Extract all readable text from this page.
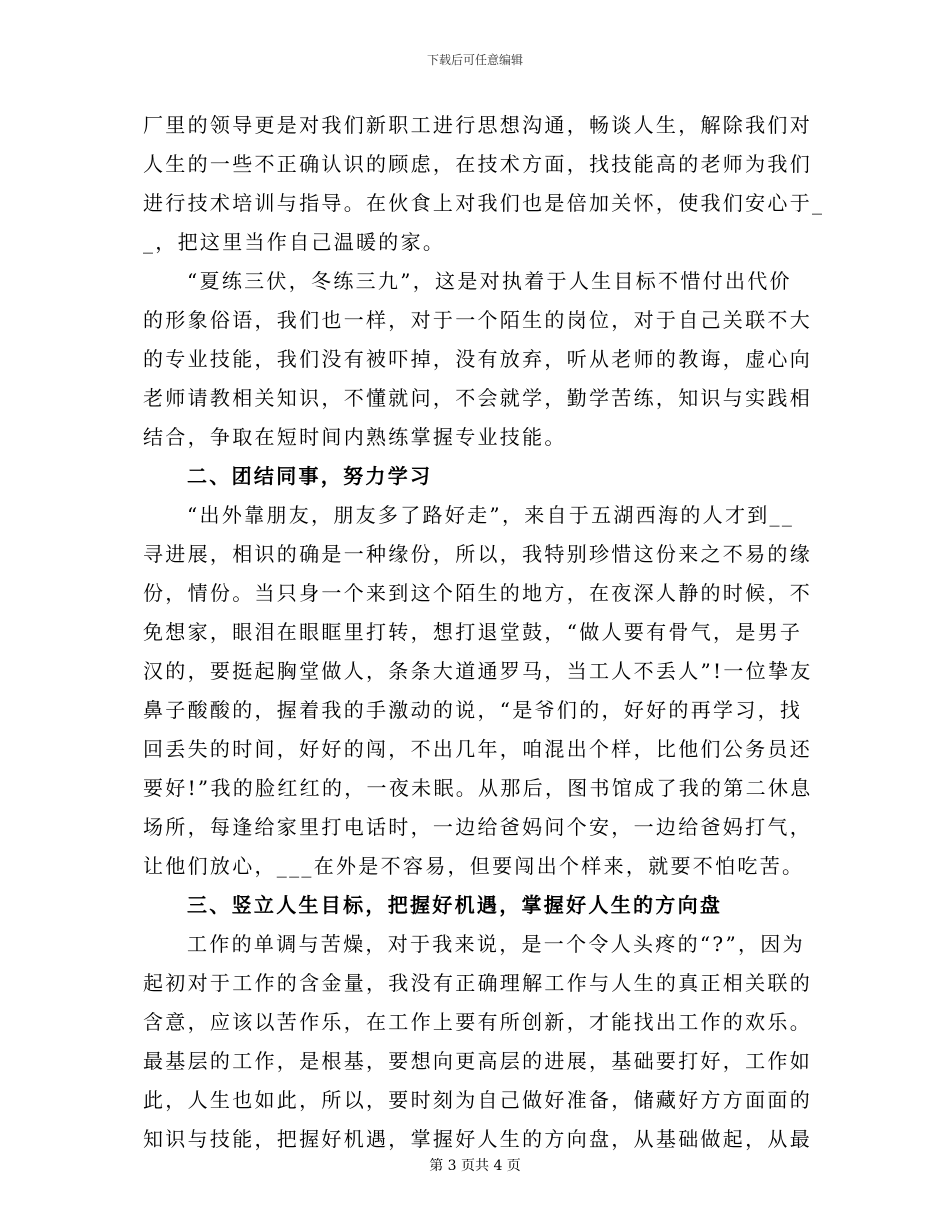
下载后可任意编辑
厂里的领导更是对我们新职工进行思想沟通，畅谈人生，解除我们对
人生的一些不正确认识的顾虑，在技术方面，找技能高的老师为我们
进行技术培训与指导。在伙食上对我们也是倍加关怀，使我们安心于_
_，把这里当作自己温暖的家。
“夏练三伏，冬练三九”，这是对执着于人生目标不惜付出代价
的形象俗语，我们也一样，对于一个陌生的岗位，对于自己关联不大
的专业技能，我们没有被吓掉，没有放弃，听从老师的教诲，虚心向
老师请教相关知识，不懂就问，不会就学，勤学苦练，知识与实践相
结合，争取在短时间内熟练掌握专业技能。
二、团结同事，努力学习
“出外靠朋友，朋友多了路好走”，来自于五湖西海的人才到__
寻进展，相识的确是一种缘份，所以，我特别珍惜这份来之不易的缘
份，情份。当只身一个来到这个陌生的地方，在夜深人静的时候，不
免想家，眼泪在眼眶里打转，想打退堂鼓，“做人要有骨气，是男子
汉的，要挺起胸堂做人，条条大道通罗马，当工人不丢人”!一位挚友
鼻子酸酸的，握着我的手激动的说，“是爷们的，好好的再学习，找
回丢失的时间，好好的闯，不出几年，咱混出个样，比他们公务员还
要好!”我的脸红红的，一夜未眠。从那后，图书馆成了我的第二休息
场所，每逢给家里打电话时，一边给爸妈问个安，一边给爸妈打气，
让他们放心，___在外是不容易，但要闯出个样来，就要不怕吃苦。
三、竖立人生目标，把握好机遇，掌握好人生的方向盘
工作的单调与苦燥，对于我来说，是一个令人头疼的“?”，因为
起初对于工作的含金量，我没有正确理解工作与人生的真正相关联的
含意，应该以苦作乐，在工作上要有所创新，才能找出工作的欢乐。
最基层的工作，是根基，要想向更高层的进展，基础要打好，工作如
此，人生也如此，所以，要时刻为自己做好准备，储藏好方方面面的
知识与技能，把握好机遇，掌握好人生的方向盘，从基础做起，从最
第 3 页共 4 页
